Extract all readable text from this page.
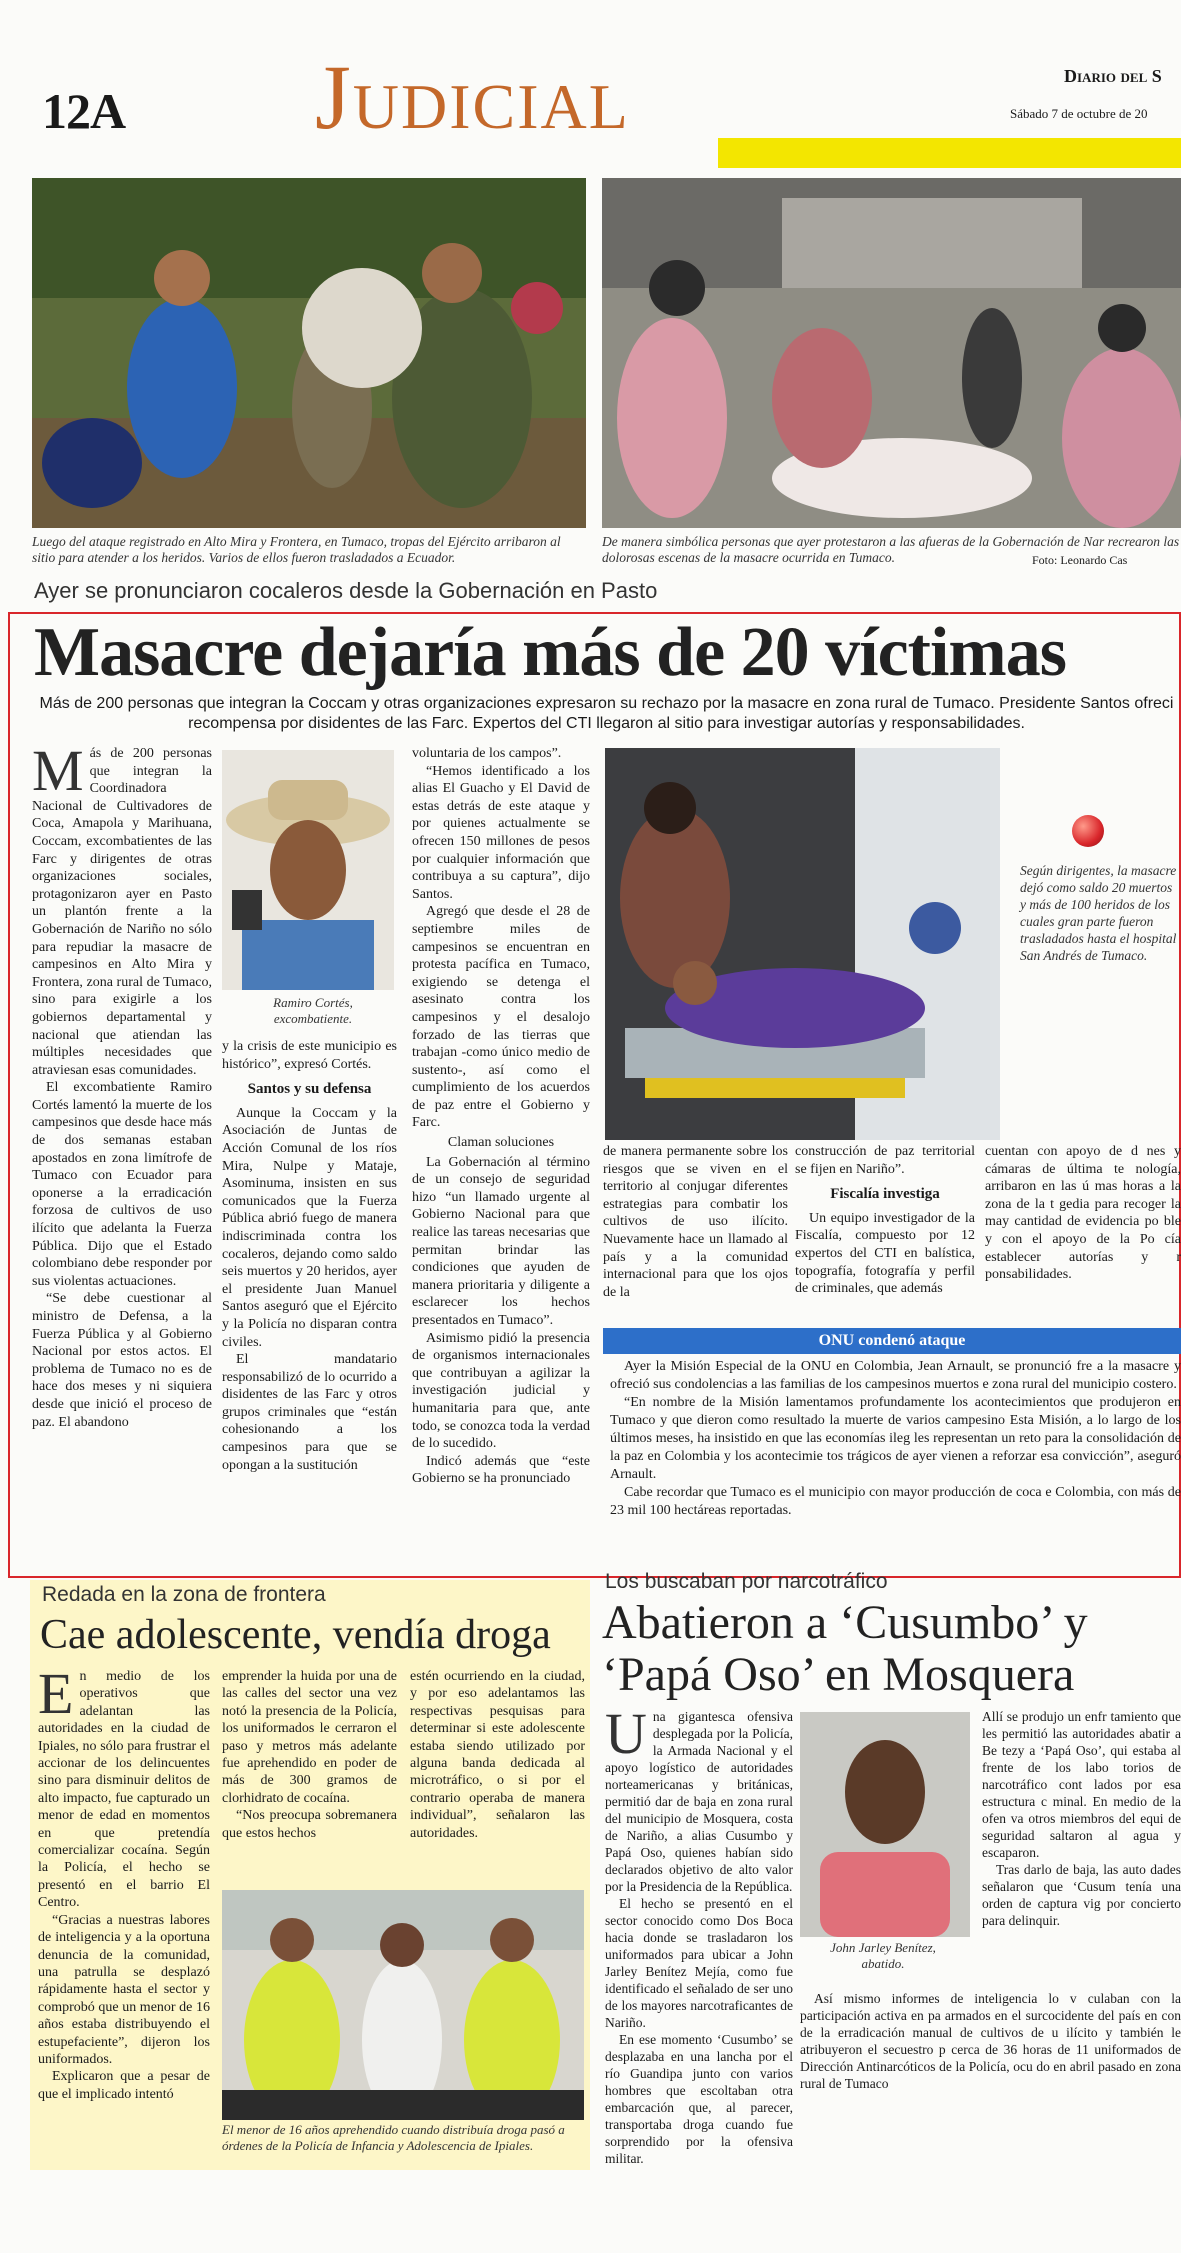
12A Judicial	Diario del S
Sábado 7 de octubre de 20
Luego del ataque registrado en Alto Mira y Frontera, en Tumaco, tropas del Ejército arribaron al sitio para atender a los heridos. Varios de ellos fueron trasladados a Ecuador.
De manera simbólica personas que ayer protestaron a las afueras de la Gobernación de Nar recrearon las dolorosas escenas de la masacre ocurrida en Tumaco.	Foto: Leonardo Cas
Ayer se pronunciaron cocaleros desde la Gobernación en Pasto
Masacre dejaría más de 20 víctimas
Más de 200 personas que integran la Coccam y otras organizaciones expresaron su rechazo por la masacre en zona rural de Tumaco. Presidente Santos ofreci recompensa por disidentes de las Farc. Expertos del CTI llegaron al sitio para investigar autorías y responsabilidades.
M ás de 200 personas que integran la Coordinadora Nacional de Cultivadores de Coca, Amapola y Marihuana, Coccam, excombatientes de las Farc y dirigentes de otras organizaciones sociales, protagonizaron ayer en Pasto un plantón frente a la Gobernación de Nariño no sólo para repudiar la masacre de campesinos en Alto Mira y Frontera, zona rural de Tumaco, sino para exigirle a los gobiernos departamental y nacional que atiendan las múltiples necesidades que atraviesan esas comunidades.

El excombatiente Ramiro Cortés lamentó la muerte de los campesinos que desde hace más de dos semanas estaban apostados en zona limítrofe de Tumaco con Ecuador para oponerse a la erradicación forzosa de cultivos de uso ilícito que adelanta la Fuerza Pública. Dijo que el Estado colombiano debe responder por sus violentas actuaciones.

“Se debe cuestionar al ministro de Defensa, a la Fuerza Pública y al Gobierno Nacional por estos actos. El problema de Tumaco no es de hace dos meses y ni siquiera desde que inició el proceso de paz. El abandono

Ramiro Cortés, excombatiente.

y la crisis de este municipio es histórico”, expresó Cortés.

Santos y su defensa

Aunque la Coccam y la Asociación de Juntas de Acción Comunal de los ríos Mira, Nulpe y Mataje, Asominuma, insisten en sus comunicados que la Fuerza Pública abrió fuego de manera indiscriminada contra los cocaleros, dejando como saldo seis muertos y 20 heridos, ayer el presidente Juan Manuel Santos aseguró que el Ejército y la Policía no disparan contra civiles.

El mandatario responsabilizó de lo ocurrido a disidentes de las Farc y otros grupos criminales que “están cohesionando a los campesinos para que se opongan a la sustitución

voluntaria de los campos”.

“Hemos identificado a los alias El Guacho y El David de estas detrás de este ataque y por quienes actualmente se ofrecen 150 millones de pesos por cualquier información que contribuya a su captura”, dijo Santos.

Agregó que desde el 28 de septiembre miles de campesinos se encuentran en protesta pacífica en Tumaco, exigiendo se detenga el asesinato contra los campesinos y el desalojo forzado de las tierras que trabajan -como único medio de sustento-, así como el cumplimiento de los acuerdos de paz entre el Gobierno y Farc.

Claman soluciones

La Gobernación al término de un consejo de seguridad hizo “un llamado urgente al Gobierno Nacional para que realice las tareas necesarias que permitan brindar las condiciones que ayuden de manera prioritaria y diligente a esclarecer los hechos presentados en Tumaco”.

Asimismo pidió la presencia de organismos internacionales que contribuyan a agilizar la investigación judicial y humanitaria para que, ante todo, se conozca toda la verdad de lo sucedido.

Indicó además que “este Gobierno se ha pronunciado

de manera permanente sobre los riesgos que se viven en el territorio al conjugar diferentes estrategias para combatir los cultivos de uso ilícito. Nuevamente hace un llamado al país y a la comunidad internacional para que los ojos de la

construcción de paz territorial se fijen en Nariño”.

Fiscalía investiga

Un equipo investigador de la Fiscalía, compuesto por 12 expertos del CTI en balística, topografía, fotografía y perfil de criminales, que además

cuentan con apoyo de d nes y cámaras de última te nología, arribaron en las ú mas horas a la zona de la t gedia para recoger la may cantidad de evidencia po ble y con el apoyo de la Po cía establecer autorías y r ponsabilidades.

Según dirigentes, la masacre dejó como saldo 20 muertos y más de 100 heridos de los cuales gran parte fueron trasladados hasta el hospital San Andrés de Tumaco.
ONU condenó ataque

Ayer la Misión Especial de la ONU en Colombia, Jean Arnault, se pronunció fre a la masacre y ofreció sus condolencias a las familias de los campesinos muertos e zona rural del municipio costero.

“En nombre de la Misión lamentamos profundamente los acontecimientos que produjeron en Tumaco y que dieron como resultado la muerte de varios campesino Esta Misión, a lo largo de los últimos meses, ha insistido en que las economías ileg les representan un reto para la consolidación de la paz en Colombia y los acontecimie tos trágicos de ayer vienen a reforzar esa convicción”, aseguró Arnault.

Cabe recordar que Tumaco es el municipio con mayor producción de coca e Colombia, con más de 23 mil 100 hectáreas reportadas.

Redada en la zona de frontera
Cae adolescente, vendía droga
E n medio de los operativos que adelantan las autoridades en la ciudad de Ipiales, no sólo para frustrar el accionar de los delincuentes sino para disminuir delitos de alto impacto, fue capturado un menor de edad en momentos en que pretendía comercializar cocaína. Según la Policía, el hecho se presentó en el barrio El Centro.

“Gracias a nuestras labores de inteligencia y a la oportuna denuncia de la comunidad, una patrulla se desplazó rápidamente hasta el sector y comprobó que un menor de 16 años estaba distribuyendo el estupefaciente”, dijeron los uniformados.

Explicaron que a pesar de que el implicado intentó

emprender la huida por una de las calles del sector una vez notó la presencia de la Policía, los uniformados le cerraron el paso y metros más adelante fue aprehendido en poder de más de 300 gramos de clorhidrato de cocaína.

“Nos preocupa sobremanera que estos hechos

estén ocurriendo en la ciudad, y por eso adelantamos las respectivas pesquisas para determinar si este adolescente estaba siendo utilizado por alguna banda dedicada al microtráfico, o si por el contrario operaba de manera individual”, señalaron las autoridades.

El menor de 16 años aprehendido cuando distribuía droga pasó a órdenes de la Policía de Infancia y Adolescencia de Ipiales.
Los buscaban por narcotráfico
Abatieron a ‘Cusumbo’ y
‘Papá Oso’ en Mosquera
U na gigantesca ofensiva desplegada por la Policía, la Armada Nacional y el apoyo logístico de autoridades norteamericanas y británicas, permitió dar de baja en zona rural del municipio de Mosquera, costa de Nariño, a alias Cusumbo y Papá Oso, quienes habían sido declarados objetivo de alto valor por la Presidencia de la República.

El hecho se presentó en el sector conocido como Dos Boca hacia donde se trasladaron los uniformados para ubicar a John Jarley Benítez Mejía, como fue identificado el señalado de ser uno de los mayores narcotraficantes de Nariño.

En ese momento ‘Cusumbo’ se desplazaba en una lancha por el río Guandipa junto con varios hombres que escoltaban otra embarcación que, al parecer, transportaba droga cuando fue sorprendido por la ofensiva militar.

John Jarley Benítez, abatido.

Allí se produjo un enfr tamiento que les permitió las autoridades abatir a Be tezy a ‘Papá Oso’, qui estaba al frente de los labo torios de narcotráfico cont lados por esa estructura c minal. En medio de la ofen va otros miembros del equi de seguridad saltaron al agua y escaparon.

Tras darlo de baja, las auto dades señalaron que ‘Cusum tenía una orden de captura vig por concierto para delinquir.

Así mismo informes de inteligencia lo v culaban con la participación activa en pa armados en el surcocidente del país en con de la erradicación manual de cultivos de u ilícito y también le atribuyeron el secuestro p cerca de 36 horas de 11 uniformados de Dirección Antinarcóticos de la Policía, ocu do en abril pasado en zona rural de Tumaco
